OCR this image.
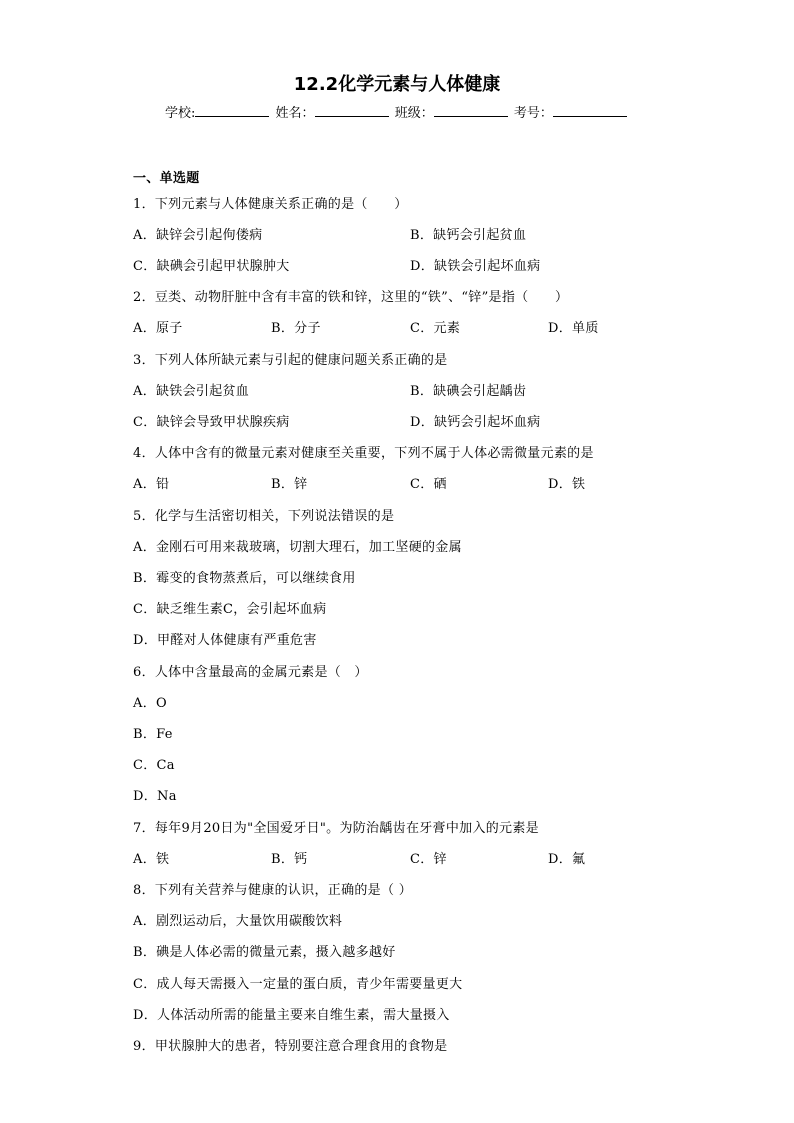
12.2化学元素与人体健康
学校:	姓名：	班级：	考号：
一、单选题
1．下列元素与人体健康关系正确的是（　　）
A．缺锌会引起佝偻病	B．缺钙会引起贫血
C．缺碘会引起甲状腺肿大	D．缺铁会引起坏血病
2．豆类、动物肝脏中含有丰富的铁和锌，这里的“铁”、“锌”是指（　　）
A．原子	B．分子	C．元素	D．单质
3．下列人体所缺元素与引起的健康问题关系正确的是
A．缺铁会引起贫血	B．缺碘会引起龋齿
C．缺锌会导致甲状腺疾病	D．缺钙会引起坏血病
4．人体中含有的微量元素对健康至关重要，下列不属于人体必需微量元素的是
A．铅	B．锌	C．硒	D．铁
5．化学与生活密切相关，下列说法错误的是
A．金刚石可用来裁玻璃，切割大理石，加工坚硬的金属
B．霉变的食物蒸煮后，可以继续食用
C．缺乏维生素C，会引起坏血病
D．甲醛对人体健康有严重危害
6．人体中含量最高的金属元素是（　）
A．O
B．Fe
C．Ca
D．Na
7．每年9月20日为"全国爱牙日"。为防治龋齿在牙膏中加入的元素是
A．铁	B．钙	C．锌	D．氟
8．下列有关营养与健康的认识，正确的是（ ）
A．剧烈运动后，大量饮用碳酸饮料
B．碘是人体必需的微量元素，摄入越多越好
C．成人每天需摄入一定量的蛋白质，青少年需要量更大
D．人体活动所需的能量主要来自维生素，需大量摄入
9．甲状腺肿大的患者，特别要注意合理食用的食物是
